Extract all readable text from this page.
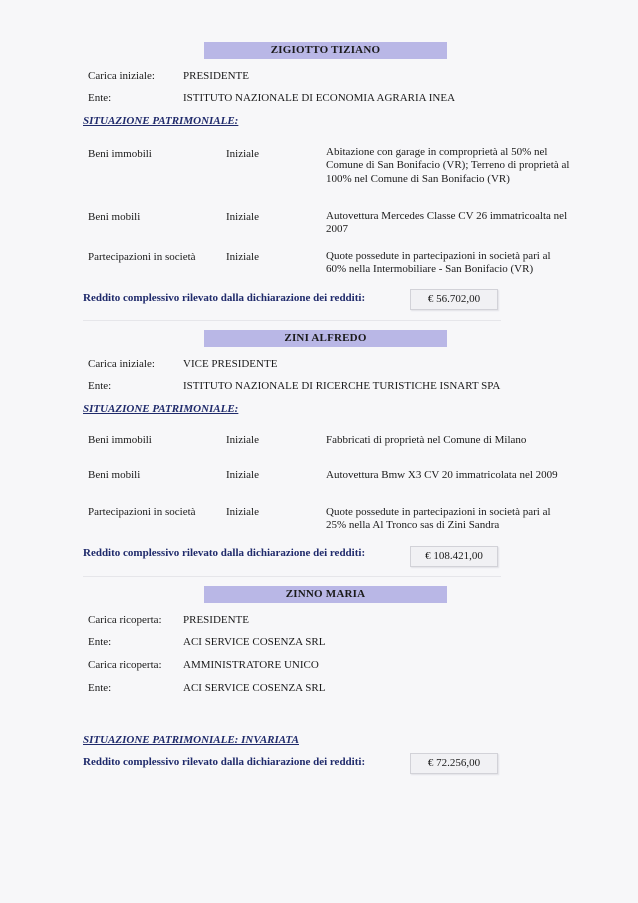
ZIGIOTTO TIZIANO
Carica iniziale:	PRESIDENTE
Ente:	ISTITUTO NAZIONALE DI ECONOMIA AGRARIA INEA
SITUAZIONE PATRIMONIALE:
Beni immobili	Iniziale	Abitazione con garage in comproprietà al 50% nel Comune di San Bonifacio (VR); Terreno di proprietà al 100% nel Comune di San Bonifacio (VR)
Beni mobili	Iniziale	Autovettura Mercedes Classe CV 26 immatricoalta nel 2007
Partecipazioni in società	Iniziale	Quote possedute in partecipazioni in società pari al 60% nella Intermobiliare - San Bonifacio (VR)
Reddito complessivo rilevato dalla dichiarazione dei redditi:	€ 56.702,00
ZINI ALFREDO
Carica iniziale:	VICE PRESIDENTE
Ente:	ISTITUTO NAZIONALE DI RICERCHE TURISTICHE ISNART SPA
SITUAZIONE PATRIMONIALE:
Beni immobili	Iniziale	Fabbricati di proprietà nel Comune di Milano
Beni mobili	Iniziale	Autovettura Bmw X3 CV 20 immatricolata nel 2009
Partecipazioni in società	Iniziale	Quote possedute in partecipazioni in società pari al 25% nella Al Tronco sas di Zini Sandra
Reddito complessivo rilevato dalla dichiarazione dei redditi:	€ 108.421,00
ZINNO MARIA
Carica ricoperta: PRESIDENTE
Ente:	ACI SERVICE COSENZA SRL
Carica ricoperta: AMMINISTRATORE UNICO
Ente:	ACI SERVICE COSENZA SRL
SITUAZIONE PATRIMONIALE: INVARIATA
Reddito complessivo rilevato dalla dichiarazione dei redditi:	€ 72.256,00
